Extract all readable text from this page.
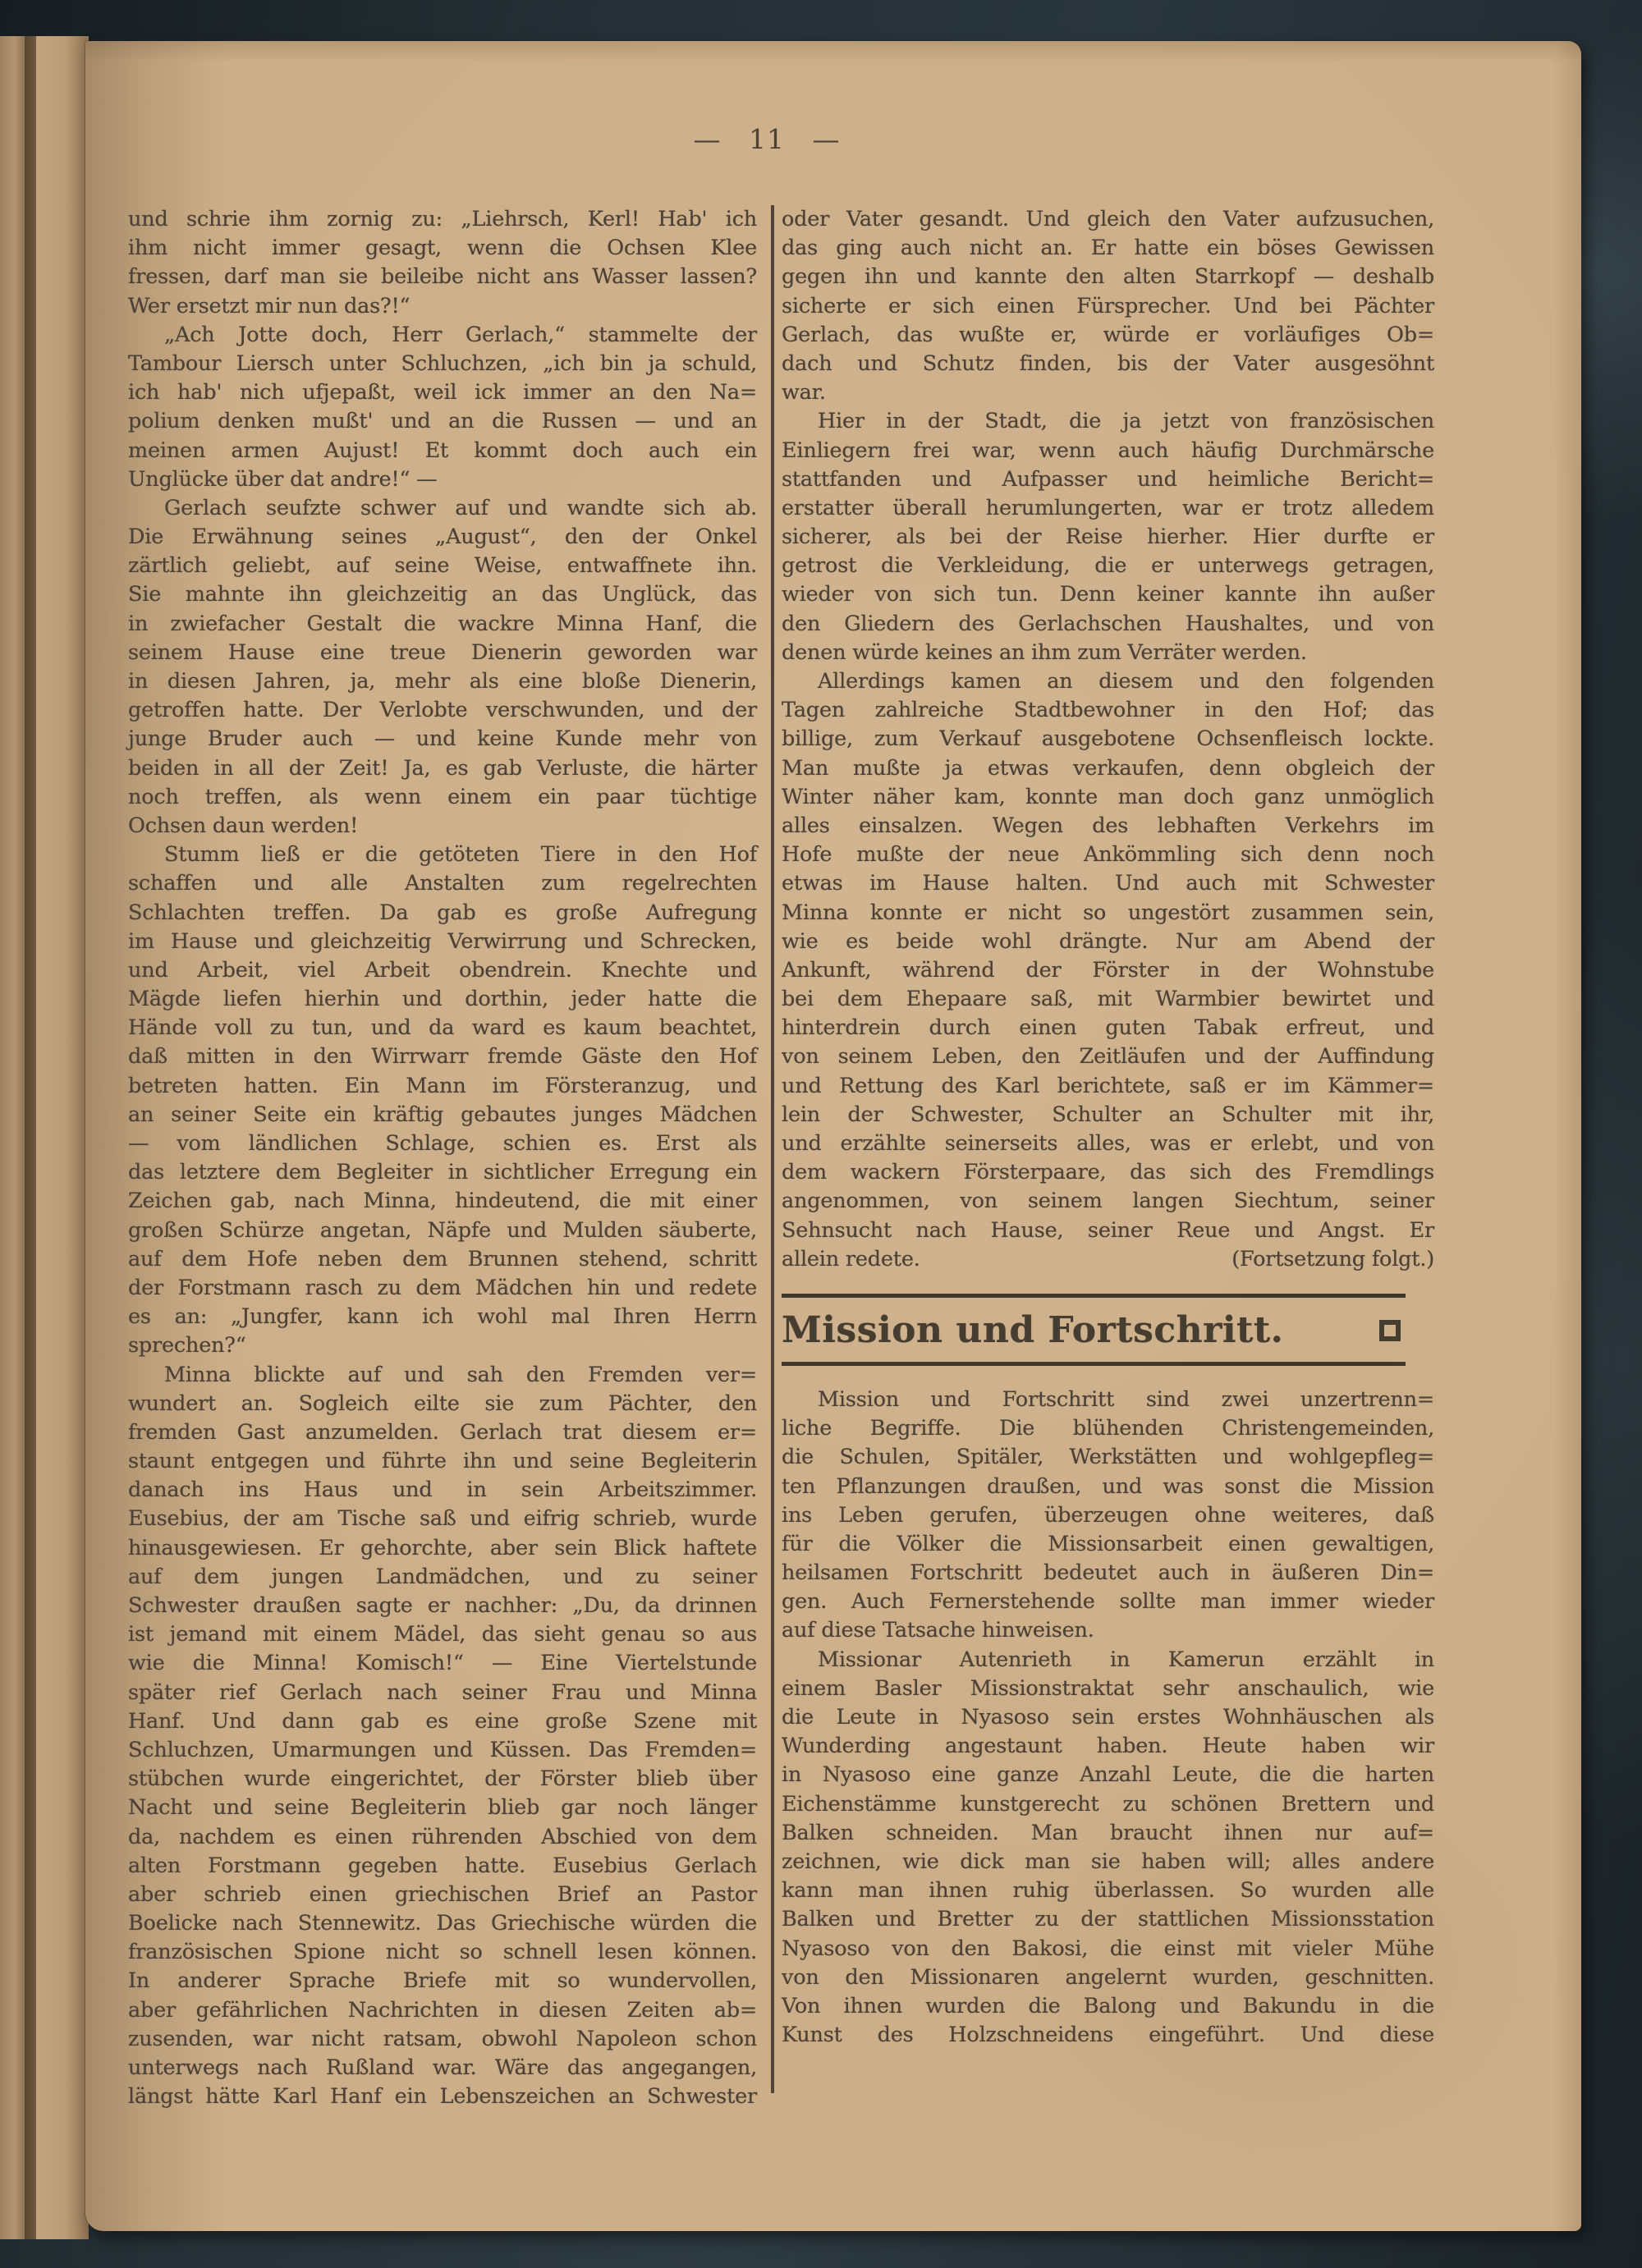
— 11 —
und schrie ihm zornig zu: „Liehrsch, Kerl! Hab' ich
ihm nicht immer gesagt, wenn die Ochsen Klee
fressen, darf man sie beileibe nicht ans Wasser lassen?
Wer ersetzt mir nun das?!“
„Ach Jotte doch, Herr Gerlach,“ stammelte der
Tambour Liersch unter Schluchzen, „ich bin ja schuld,
ich hab' nich ufjepaßt, weil ick immer an den Na=
polium denken mußt' und an die Russen — und an
meinen armen Aujust! Et kommt doch auch ein
Unglücke über dat andre!“ —
Gerlach seufzte schwer auf und wandte sich ab.
Die Erwähnung seines „August“, den der Onkel
zärtlich geliebt, auf seine Weise, entwaffnete ihn.
Sie mahnte ihn gleichzeitig an das Unglück, das
in zwiefacher Gestalt die wackre Minna Hanf, die
seinem Hause eine treue Dienerin geworden war
in diesen Jahren, ja, mehr als eine bloße Dienerin,
getroffen hatte. Der Verlobte verschwunden, und der
junge Bruder auch — und keine Kunde mehr von
beiden in all der Zeit! Ja, es gab Verluste, die härter
noch treffen, als wenn einem ein paar tüchtige
Ochsen daun werden!
Stumm ließ er die getöteten Tiere in den Hof
schaffen und alle Anstalten zum regelrechten
Schlachten treffen. Da gab es große Aufregung
im Hause und gleichzeitig Verwirrung und Schrecken,
und Arbeit, viel Arbeit obendrein. Knechte und
Mägde liefen hierhin und dorthin, jeder hatte die
Hände voll zu tun, und da ward es kaum beachtet,
daß mitten in den Wirrwarr fremde Gäste den Hof
betreten hatten. Ein Mann im Försteranzug, und
an seiner Seite ein kräftig gebautes junges Mädchen
— vom ländlichen Schlage, schien es. Erst als
das letztere dem Begleiter in sichtlicher Erregung ein
Zeichen gab, nach Minna, hindeutend, die mit einer
großen Schürze angetan, Näpfe und Mulden säuberte,
auf dem Hofe neben dem Brunnen stehend, schritt
der Forstmann rasch zu dem Mädchen hin und redete
es an: „Jungfer, kann ich wohl mal Ihren Herrn
sprechen?“
Minna blickte auf und sah den Fremden ver=
wundert an. Sogleich eilte sie zum Pächter, den
fremden Gast anzumelden. Gerlach trat diesem er=
staunt entgegen und führte ihn und seine Begleiterin
danach ins Haus und in sein Arbeitszimmer.
Eusebius, der am Tische saß und eifrig schrieb, wurde
hinausgewiesen. Er gehorchte, aber sein Blick haftete
auf dem jungen Landmädchen, und zu seiner
Schwester draußen sagte er nachher: „Du, da drinnen
ist jemand mit einem Mädel, das sieht genau so aus
wie die Minna! Komisch!“ — Eine Viertelstunde
später rief Gerlach nach seiner Frau und Minna
Hanf. Und dann gab es eine große Szene mit
Schluchzen, Umarmungen und Küssen. Das Fremden=
stübchen wurde eingerichtet, der Förster blieb über
Nacht und seine Begleiterin blieb gar noch länger
da, nachdem es einen rührenden Abschied von dem
alten Forstmann gegeben hatte. Eusebius Gerlach
aber schrieb einen griechischen Brief an Pastor
Boelicke nach Stennewitz. Das Griechische würden die
französischen Spione nicht so schnell lesen können.
In anderer Sprache Briefe mit so wundervollen,
aber gefährlichen Nachrichten in diesen Zeiten ab=
zusenden, war nicht ratsam, obwohl Napoleon schon
unterwegs nach Rußland war. Wäre das angegangen,
längst hätte Karl Hanf ein Lebenszeichen an Schwester
oder Vater gesandt. Und gleich den Vater aufzusuchen,
das ging auch nicht an. Er hatte ein böses Gewissen
gegen ihn und kannte den alten Starrkopf — deshalb
sicherte er sich einen Fürsprecher. Und bei Pächter
Gerlach, das wußte er, würde er vorläufiges Ob=
dach und Schutz finden, bis der Vater ausgesöhnt
war.
Hier in der Stadt, die ja jetzt von französischen
Einliegern frei war, wenn auch häufig Durchmärsche
stattfanden und Aufpasser und heimliche Bericht=
erstatter überall herumlungerten, war er trotz alledem
sicherer, als bei der Reise hierher. Hier durfte er
getrost die Verkleidung, die er unterwegs getragen,
wieder von sich tun. Denn keiner kannte ihn außer
den Gliedern des Gerlachschen Haushaltes, und von
denen würde keines an ihm zum Verräter werden.
Allerdings kamen an diesem und den folgenden
Tagen zahlreiche Stadtbewohner in den Hof; das
billige, zum Verkauf ausgebotene Ochsenfleisch lockte.
Man mußte ja etwas verkaufen, denn obgleich der
Winter näher kam, konnte man doch ganz unmöglich
alles einsalzen. Wegen des lebhaften Verkehrs im
Hofe mußte der neue Ankömmling sich denn noch
etwas im Hause halten. Und auch mit Schwester
Minna konnte er nicht so ungestört zusammen sein,
wie es beide wohl drängte. Nur am Abend der
Ankunft, während der Förster in der Wohnstube
bei dem Ehepaare saß, mit Warmbier bewirtet und
hinterdrein durch einen guten Tabak erfreut, und
von seinem Leben, den Zeitläufen und der Auffindung
und Rettung des Karl berichtete, saß er im Kämmer=
lein der Schwester, Schulter an Schulter mit ihr,
und erzählte seinerseits alles, was er erlebt, und von
dem wackern Försterpaare, das sich des Fremdlings
angenommen, von seinem langen Siechtum, seiner
Sehnsucht nach Hause, seiner Reue und Angst. Er
allein redete.	(Fortsetzung folgt.)
Mission und Fortschritt.
Mission und Fortschritt sind zwei unzertrenn=
liche Begriffe. Die blühenden Christengemeinden,
die Schulen, Spitäler, Werkstätten und wohlgepfleg=
ten Pflanzungen draußen, und was sonst die Mission
ins Leben gerufen, überzeugen ohne weiteres, daß
für die Völker die Missionsarbeit einen gewaltigen,
heilsamen Fortschritt bedeutet auch in äußeren Din=
gen. Auch Fernerstehende sollte man immer wieder
auf diese Tatsache hinweisen.
Missionar Autenrieth in Kamerun erzählt in
einem Basler Missionstraktat sehr anschaulich, wie
die Leute in Nyasoso sein erstes Wohnhäuschen als
Wunderding angestaunt haben. Heute haben wir
in Nyasoso eine ganze Anzahl Leute, die die harten
Eichenstämme kunstgerecht zu schönen Brettern und
Balken schneiden. Man braucht ihnen nur auf=
zeichnen, wie dick man sie haben will; alles andere
kann man ihnen ruhig überlassen. So wurden alle
Balken und Bretter zu der stattlichen Missionsstation
Nyasoso von den Bakosi, die einst mit vieler Mühe
von den Missionaren angelernt wurden, geschnitten.
Von ihnen wurden die Balong und Bakundu in die
Kunst des Holzschneidens eingeführt. Und diese
